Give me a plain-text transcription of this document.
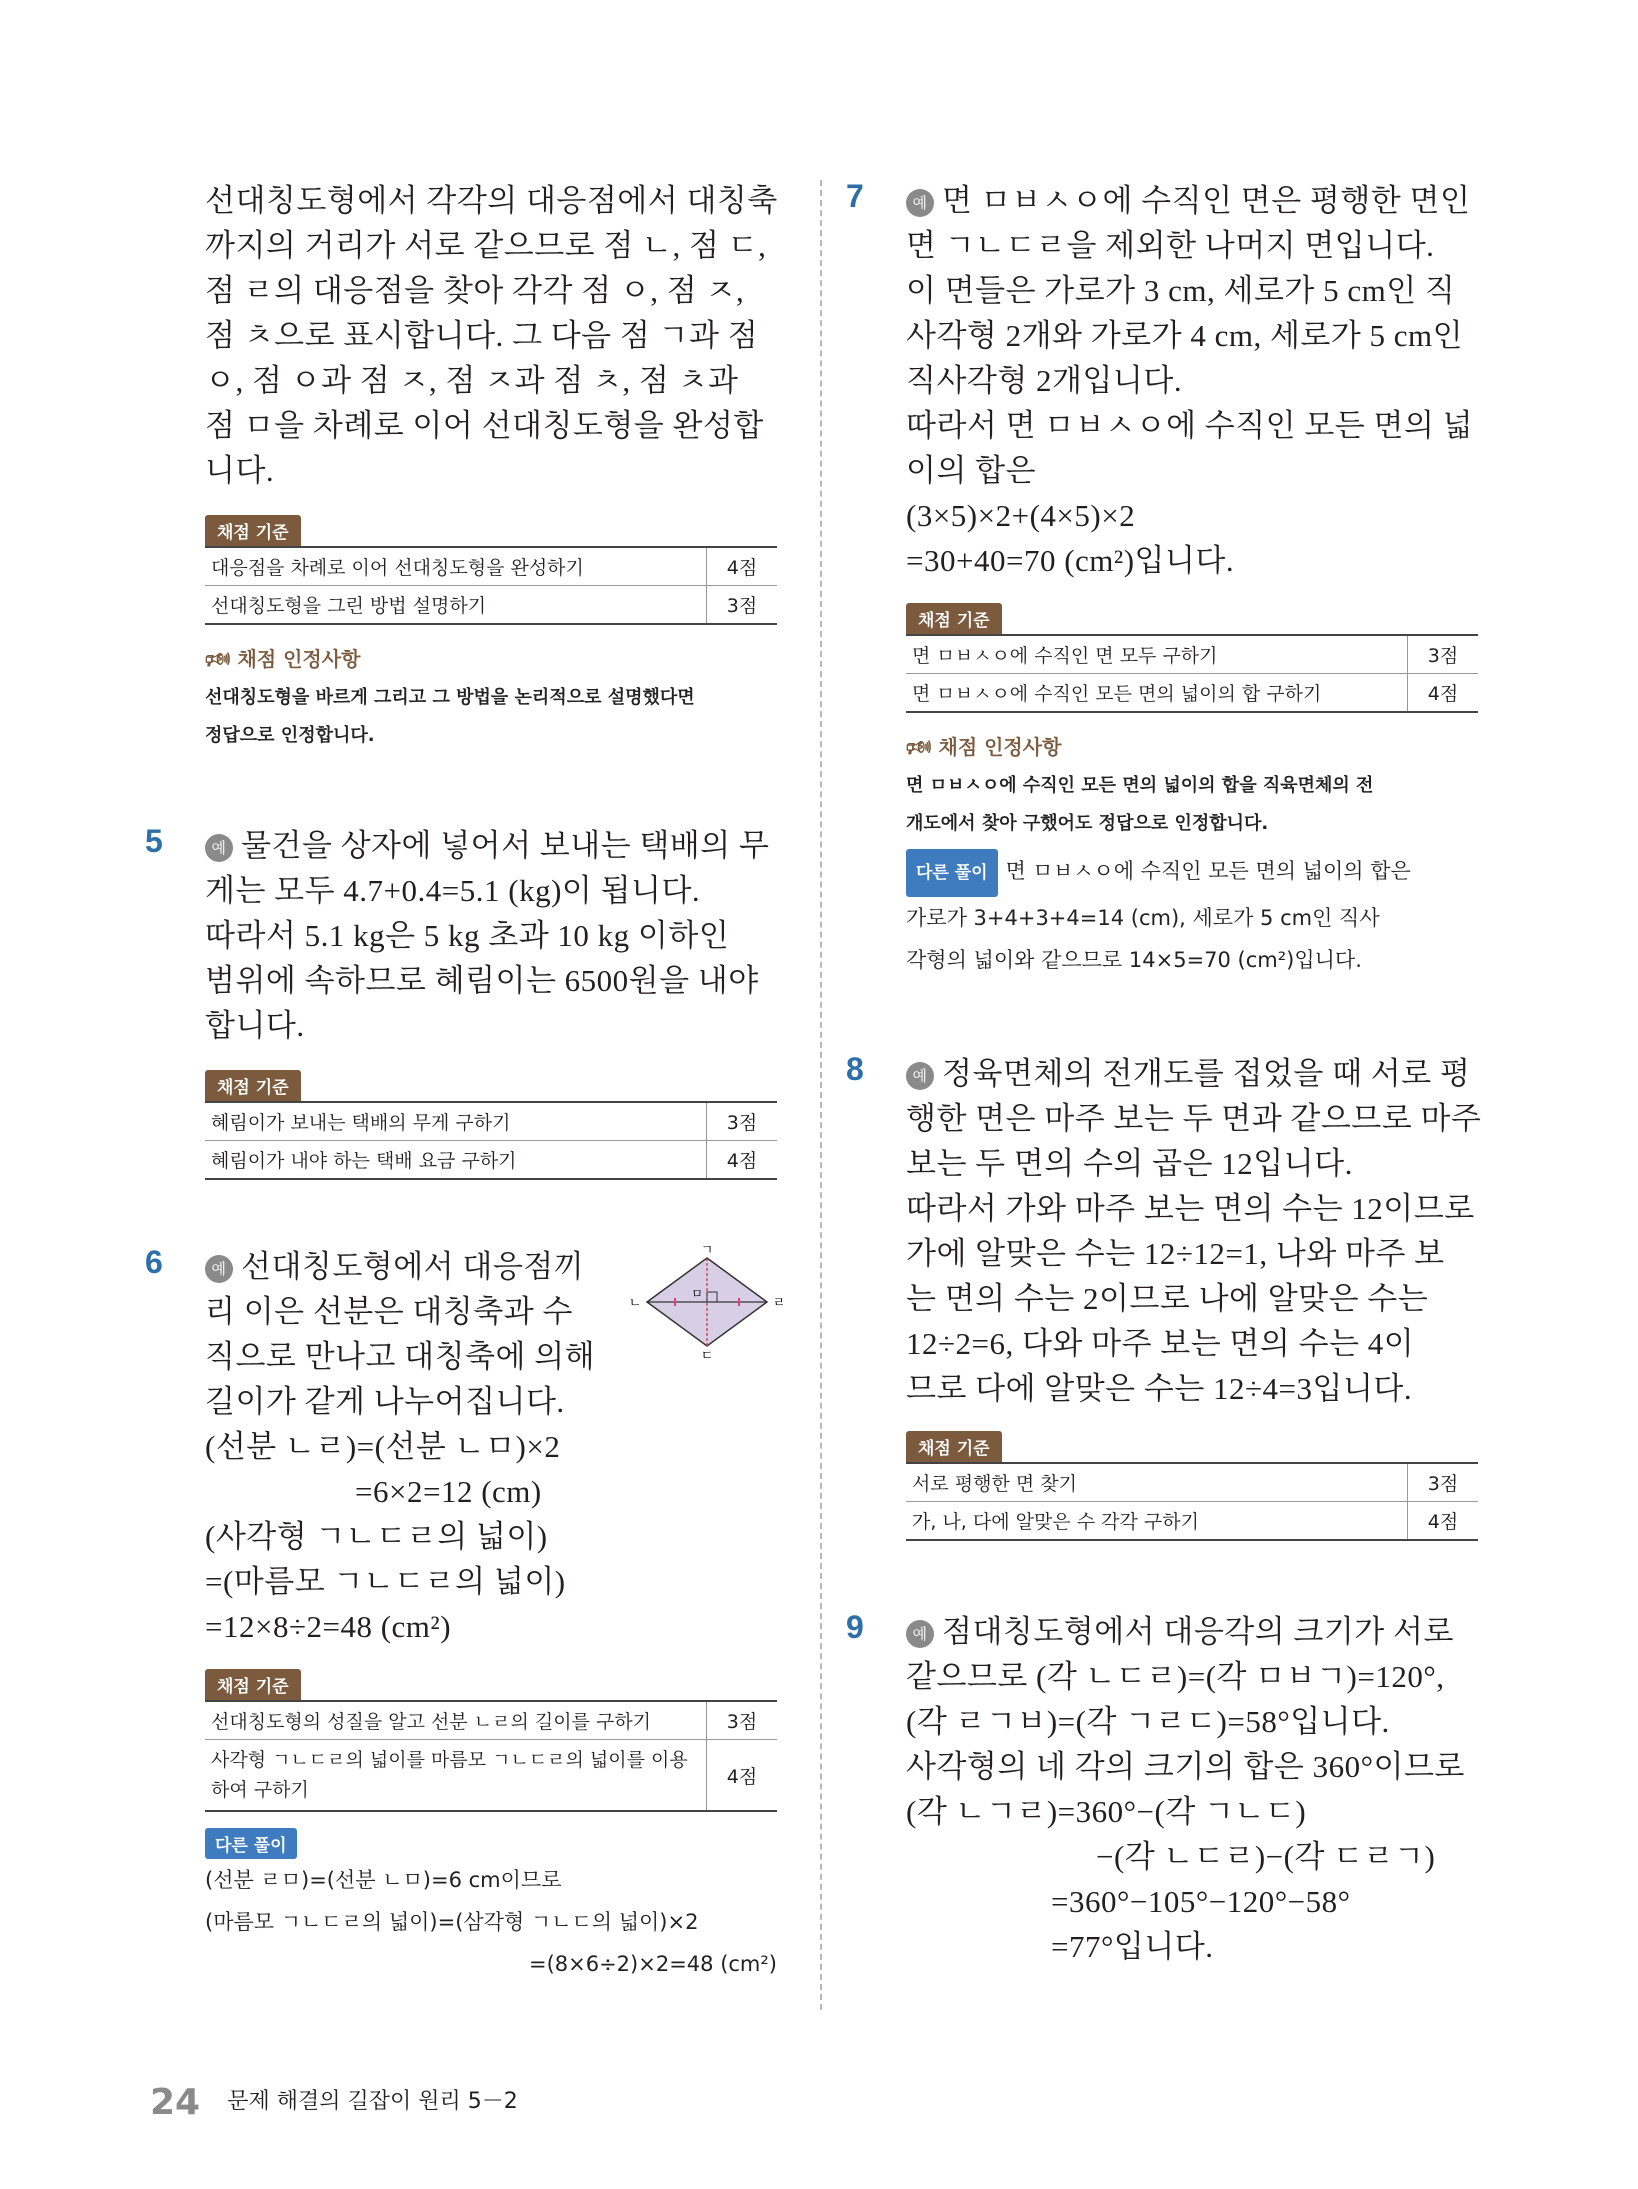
선대칭도형에서 각각의 대응점에서 대칭축
까지의 거리가 서로 같으므로 점 ㄴ, 점 ㄷ,
점 ㄹ의 대응점을 찾아 각각 점 ㅇ, 점 ㅈ,
점 ㅊ으로 표시합니다. 그 다음 점 ㄱ과 점
ㅇ, 점 ㅇ과 점 ㅈ, 점 ㅈ과 점 ㅊ, 점 ㅊ과
점 ㅁ을 차례로 이어 선대칭도형을 완성합
니다.
채점 기준
대응점을 차례로 이어 선대칭도형을 완성하기	4점
선대칭도형을 그린 방법 설명하기	3점
🕬 채점 인정사항
선대칭도형을 바르게 그리고 그 방법을 논리적으로 설명했다면
정답으로 인정합니다.
5	예 물건을 상자에 넣어서 보내는 택배의 무
게는 모두 4.7+0.4=5.1 (kg)이 됩니다.
따라서 5.1 kg은 5 kg 초과 10 kg 이하인
범위에 속하므로 혜림이는 6500원을 내야
합니다.
채점 기준
혜림이가 보내는 택배의 무게 구하기	3점
혜림이가 내야 하는 택배 요금 구하기	4점
6	ㄱ
ㄴ	ㄹ
ㄷ
ㅁ
예 선대칭도형에서 대응점끼
리 이은 선분은 대칭축과 수
직으로 만나고 대칭축에 의해
길이가 같게 나누어집니다.
(선분 ㄴㄹ)=(선분 ㄴㅁ)×2
=6×2=12 (cm)
(사각형 ㄱㄴㄷㄹ의 넓이)
=(마름모 ㄱㄴㄷㄹ의 넓이)
=12×8÷2=48 (cm²)
채점 기준
선대칭도형의 성질을 알고 선분 ㄴㄹ의 길이를 구하기	3점
사각형 ㄱㄴㄷㄹ의 넓이를 마름모 ㄱㄴㄷㄹ의 넓이를 이용하여 구하기	4점
다른 풀이
(선분 ㄹㅁ)=(선분 ㄴㅁ)=6 cm이므로
(마름모 ㄱㄴㄷㄹ의 넓이)=(삼각형 ㄱㄴㄷ의 넓이)×2
=(8×6÷2)×2=48 (cm²)
7	예 면 ㅁㅂㅅㅇ에 수직인 면은 평행한 면인
면 ㄱㄴㄷㄹ을 제외한 나머지 면입니다.
이 면들은 가로가 3 cm, 세로가 5 cm인 직
사각형 2개와 가로가 4 cm, 세로가 5 cm인
직사각형 2개입니다.
따라서 면 ㅁㅂㅅㅇ에 수직인 모든 면의 넓
이의 합은
(3×5)×2+(4×5)×2
=30+40=70 (cm²)입니다.
채점 기준
면 ㅁㅂㅅㅇ에 수직인 면 모두 구하기	3점
면 ㅁㅂㅅㅇ에 수직인 모든 면의 넓이의 합 구하기	4점
🕬 채점 인정사항
면 ㅁㅂㅅㅇ에 수직인 모든 면의 넓이의 합을 직육면체의 전
개도에서 찾아 구했어도 정답으로 인정합니다.
다른 풀이 면 ㅁㅂㅅㅇ에 수직인 모든 면의 넓이의 합은
가로가 3+4+3+4=14 (cm), 세로가 5 cm인 직사
각형의 넓이와 같으므로 14×5=70 (cm²)입니다.
8	예 정육면체의 전개도를 접었을 때 서로 평
행한 면은 마주 보는 두 면과 같으므로 마주
보는 두 면의 수의 곱은 12입니다.
따라서 가와 마주 보는 면의 수는 12이므로
가에 알맞은 수는 12÷12=1, 나와 마주 보
는 면의 수는 2이므로 나에 알맞은 수는
12÷2=6, 다와 마주 보는 면의 수는 4이
므로 다에 알맞은 수는 12÷4=3입니다.
채점 기준
서로 평행한 면 찾기	3점
가, 나, 다에 알맞은 수 각각 구하기	4점
9	예 점대칭도형에서 대응각의 크기가 서로
같으므로 (각 ㄴㄷㄹ)=(각 ㅁㅂㄱ)=120°,
(각 ㄹㄱㅂ)=(각 ㄱㄹㄷ)=58°입니다.
사각형의 네 각의 크기의 합은 360°이므로
(각 ㄴㄱㄹ)=360°−(각 ㄱㄴㄷ)
−(각 ㄴㄷㄹ)−(각 ㄷㄹㄱ)
=360°−105°−120°−58°
=77°입니다.
24 문제 해결의 길잡이 원리 5－2
